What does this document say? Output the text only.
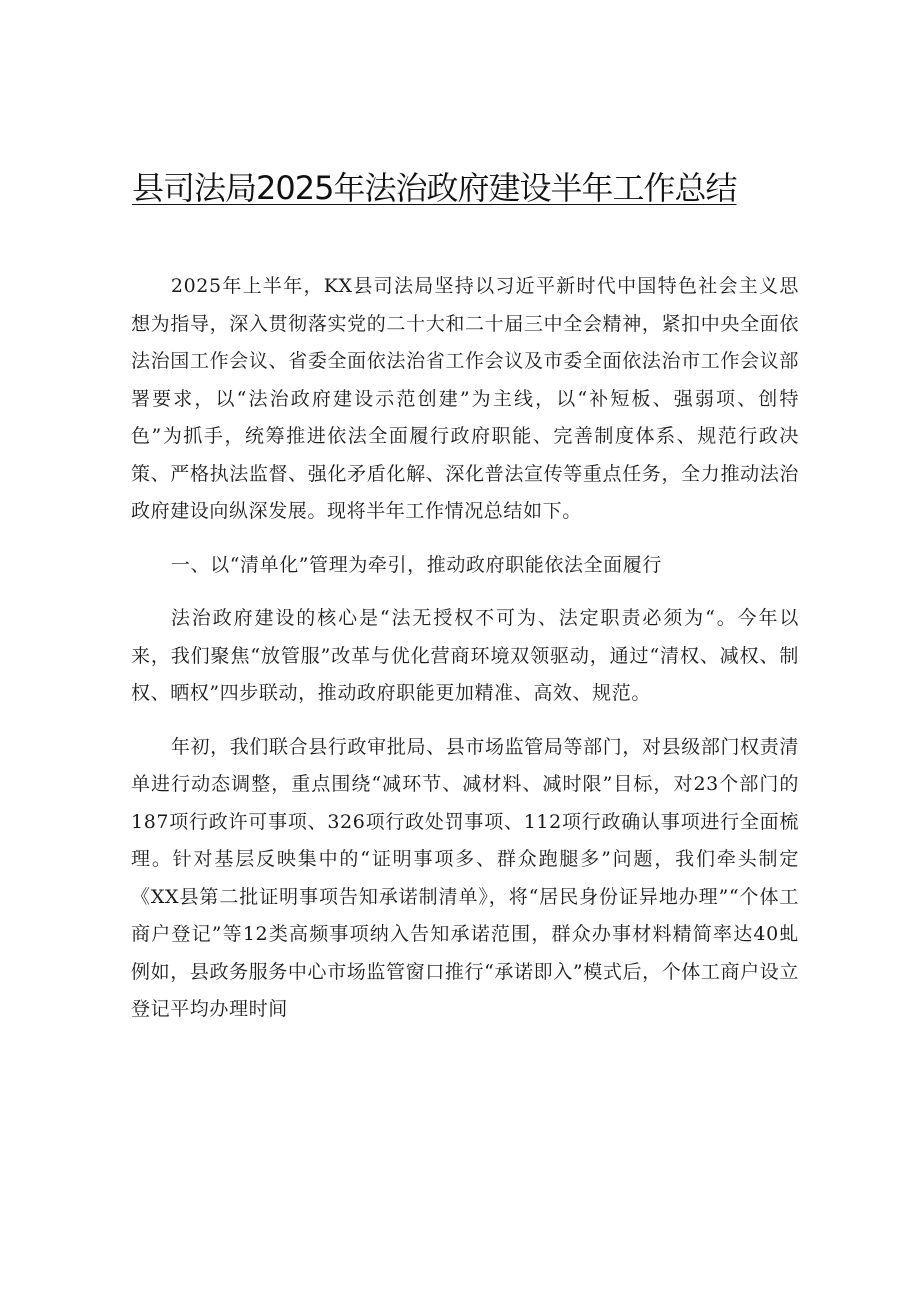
县司法局2025年法治政府建设半年工作总结

2025年上半年，KX县司法局坚持以习近平新时代中国特色社会主义思想为指导，深入贯彻落实党的二十大和二十届三中全会精神，紧扣中央全面依法治国工作会议、省委全面依法治省工作会议及市委全面依法治市工作会议部署要求，以“法治政府建设示范创建”为主线，以“补短板、强弱项、创特色”为抓手，统筹推进依法全面履行政府职能、完善制度体系、规范行政决策、严格执法监督、强化矛盾化解、深化普法宣传等重点任务，全力推动法治政府建设向纵深发展。现将半年工作情况总结如下。

一、以“清单化”管理为牵引，推动政府职能依法全面履行

法治政府建设的核心是“法无授权不可为、法定职责必须为“。今年以来，我们聚焦“放管服”改革与优化营商环境双领驱动，通过“清权、减权、制权、晒权”四步联动，推动政府职能更加精准、高效、规范。

年初，我们联合县行政审批局、县市场监管局等部门，对县级部门权责清单进行动态调整，重点围绕“减环节、减材料、减时限”目标，对23个部门的187项行政许可事项、326项行政处罚事项、112项行政确认事项进行全面梳理。针对基层反映集中的“证明事项多、群众跑腿多”问题，我们牵头制定《XX县第二批证明事项告知承诺制清单》，将“居民身份证异地办理”“个体工商户登记”等12类高频事项纳入告知承诺范围，群众办事材料精简率达40虬例如，县政务服务中心市场监管窗口推行“承诺即入”模式后，个体工商户设立登记平均办理时间
